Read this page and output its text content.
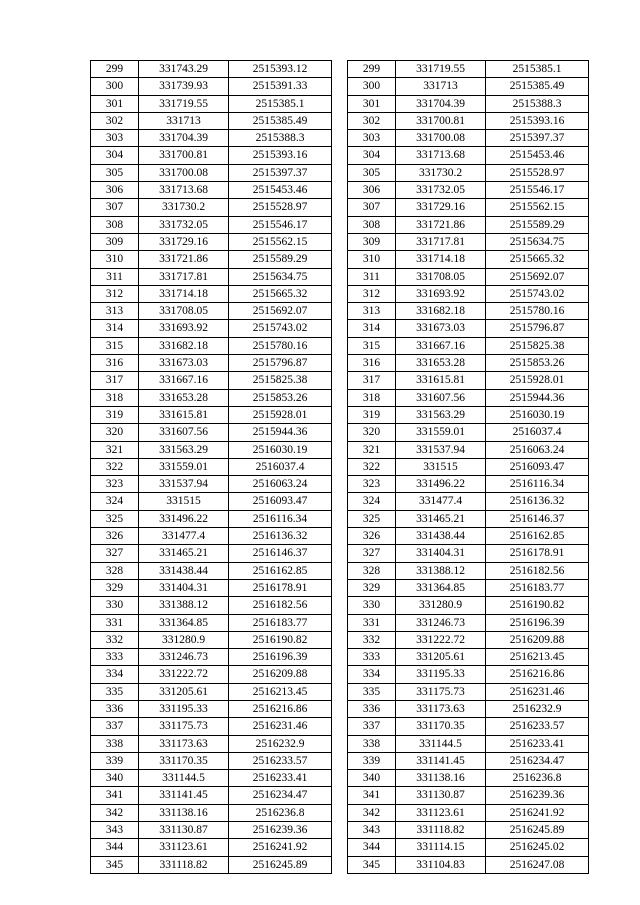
299	331743.29	2515393.12
300	331739.93	2515391.33
301	331719.55	2515385.1
302	331713	2515385.49
303	331704.39	2515388.3
304	331700.81	2515393.16
305	331700.08	2515397.37
306	331713.68	2515453.46
307	331730.2	2515528.97
308	331732.05	2515546.17
309	331729.16	2515562.15
310	331721.86	2515589.29
311	331717.81	2515634.75
312	331714.18	2515665.32
313	331708.05	2515692.07
314	331693.92	2515743.02
315	331682.18	2515780.16
316	331673.03	2515796.87
317	331667.16	2515825.38
318	331653.28	2515853.26
319	331615.81	2515928.01
320	331607.56	2515944.36
321	331563.29	2516030.19
322	331559.01	2516037.4
323	331537.94	2516063.24
324	331515	2516093.47
325	331496.22	2516116.34
326	331477.4	2516136.32
327	331465.21	2516146.37
328	331438.44	2516162.85
329	331404.31	2516178.91
330	331388.12	2516182.56
331	331364.85	2516183.77
332	331280.9	2516190.82
333	331246.73	2516196.39
334	331222.72	2516209.88
335	331205.61	2516213.45
336	331195.33	2516216.86
337	331175.73	2516231.46
338	331173.63	2516232.9
339	331170.35	2516233.57
340	331144.5	2516233.41
341	331141.45	2516234.47
342	331138.16	2516236.8
343	331130.87	2516239.36
344	331123.61	2516241.92
345	331118.82	2516245.89
299	331719.55	2515385.1
300	331713	2515385.49
301	331704.39	2515388.3
302	331700.81	2515393.16
303	331700.08	2515397.37
304	331713.68	2515453.46
305	331730.2	2515528.97
306	331732.05	2515546.17
307	331729.16	2515562.15
308	331721.86	2515589.29
309	331717.81	2515634.75
310	331714.18	2515665.32
311	331708.05	2515692.07
312	331693.92	2515743.02
313	331682.18	2515780.16
314	331673.03	2515796.87
315	331667.16	2515825.38
316	331653.28	2515853.26
317	331615.81	2515928.01
318	331607.56	2515944.36
319	331563.29	2516030.19
320	331559.01	2516037.4
321	331537.94	2516063.24
322	331515	2516093.47
323	331496.22	2516116.34
324	331477.4	2516136.32
325	331465.21	2516146.37
326	331438.44	2516162.85
327	331404.31	2516178.91
328	331388.12	2516182.56
329	331364.85	2516183.77
330	331280.9	2516190.82
331	331246.73	2516196.39
332	331222.72	2516209.88
333	331205.61	2516213.45
334	331195.33	2516216.86
335	331175.73	2516231.46
336	331173.63	2516232.9
337	331170.35	2516233.57
338	331144.5	2516233.41
339	331141.45	2516234.47
340	331138.16	2516236.8
341	331130.87	2516239.36
342	331123.61	2516241.92
343	331118.82	2516245.89
344	331114.15	2516245.02
345	331104.83	2516247.08
